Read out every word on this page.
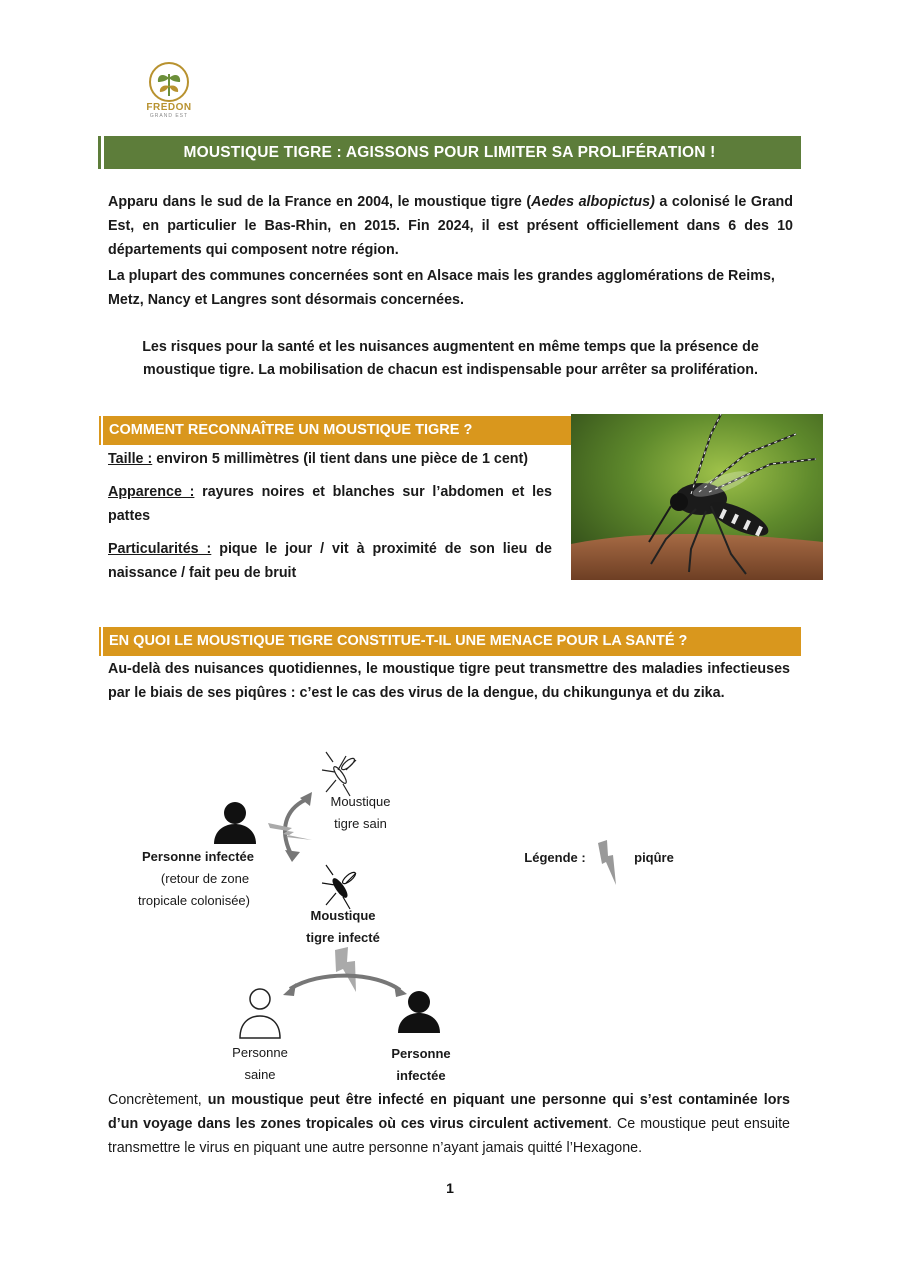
FREDON
GRAND EST
MOUSTIQUE TIGRE : AGISSONS POUR LIMITER SA PROLIFÉRATION !
Apparu dans le sud de la France en 2004, le moustique tigre (Aedes albopictus) a colonisé le Grand Est, en particulier le Bas-Rhin, en 2015. Fin 2024, il est présent officiellement dans 6 des 10 départements qui composent notre région.
La plupart des communes concernées sont en Alsace mais les grandes agglomérations de Reims, Metz, Nancy et Langres sont désormais concernées.
Les risques pour la santé et les nuisances augmentent en même temps que la présence de
moustique tigre. La mobilisation de chacun est indispensable pour arrêter sa prolifération.
COMMENT RECONNAÎTRE UN MOUSTIQUE TIGRE ?
Taille : environ 5 millimètres (il tient dans une pièce de 1 cent)
Apparence : rayures noires et blanches sur l’abdomen et les pattes
Particularités : pique le jour / vit à proximité de son lieu de naissance / fait peu de bruit
EN QUOI LE MOUSTIQUE TIGRE CONSTITUE-T-IL UNE MENACE POUR LA SANTÉ ?
Au-delà des nuisances quotidiennes, le moustique tigre peut transmettre des maladies infectieuses par le biais de ses piqûres : c’est le cas des virus de la dengue, du chikungunya et du zika.
Moustique
tigre sain
Personne infectée
(retour de zone
tropicale colonisée)
Moustique
tigre infecté
Légende :	piqûre
Personne
saine
Personne
infectée
Concrètement, un moustique peut être infecté en piquant une personne qui s’est contaminée lors d’un voyage dans les zones tropicales où ces virus circulent activement. Ce moustique peut ensuite transmettre le virus en piquant une autre personne n’ayant jamais quitté l’Hexagone.
1
